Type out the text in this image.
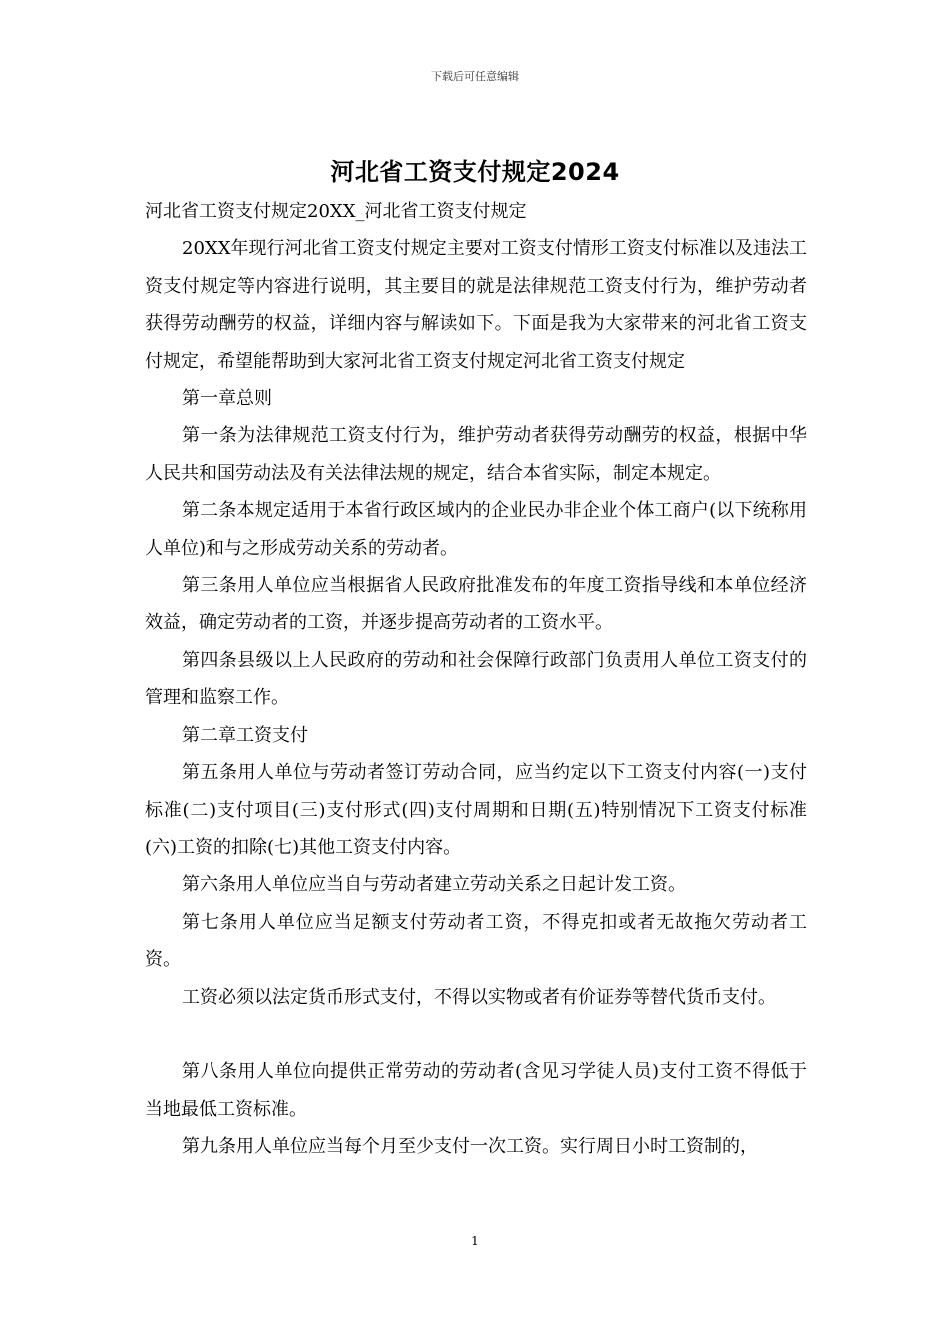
下载后可任意编辑
河北省工资支付规定2024

河北省工资支付规定20XX_河北省工资支付规定

20XX年现行河北省工资支付规定主要对工资支付情形工资支付标准以及违法工资支付规定等内容进行说明，其主要目的就是法律规范工资支付行为，维护劳动者获得劳动酬劳的权益，详细内容与解读如下。下面是我为大家带来的河北省工资支付规定，希望能帮助到大家河北省工资支付规定河北省工资支付规定

第一章总则

第一条为法律规范工资支付行为，维护劳动者获得劳动酬劳的权益，根据中华人民共和国劳动法及有关法律法规的规定，结合本省实际，制定本规定。

第二条本规定适用于本省行政区域内的企业民办非企业个体工商户(以下统称用人单位)和与之形成劳动关系的劳动者。

第三条用人单位应当根据省人民政府批准发布的年度工资指导线和本单位经济效益，确定劳动者的工资，并逐步提高劳动者的工资水平。

第四条县级以上人民政府的劳动和社会保障行政部门负责用人单位工资支付的管理和监察工作。

第二章工资支付

第五条用人单位与劳动者签订劳动合同，应当约定以下工资支付内容(一)支付标准(二)支付项目(三)支付形式(四)支付周期和日期(五)特别情况下工资支付标准(六)工资的扣除(七)其他工资支付内容。

第六条用人单位应当自与劳动者建立劳动关系之日起计发工资。

第七条用人单位应当足额支付劳动者工资，不得克扣或者无故拖欠劳动者工资。

工资必须以法定货币形式支付，不得以实物或者有价证券等替代货币支付。

第八条用人单位向提供正常劳动的劳动者(含见习学徒人员)支付工资不得低于当地最低工资标准。

第九条用人单位应当每个月至少支付一次工资。实行周日小时工资制的，

1
